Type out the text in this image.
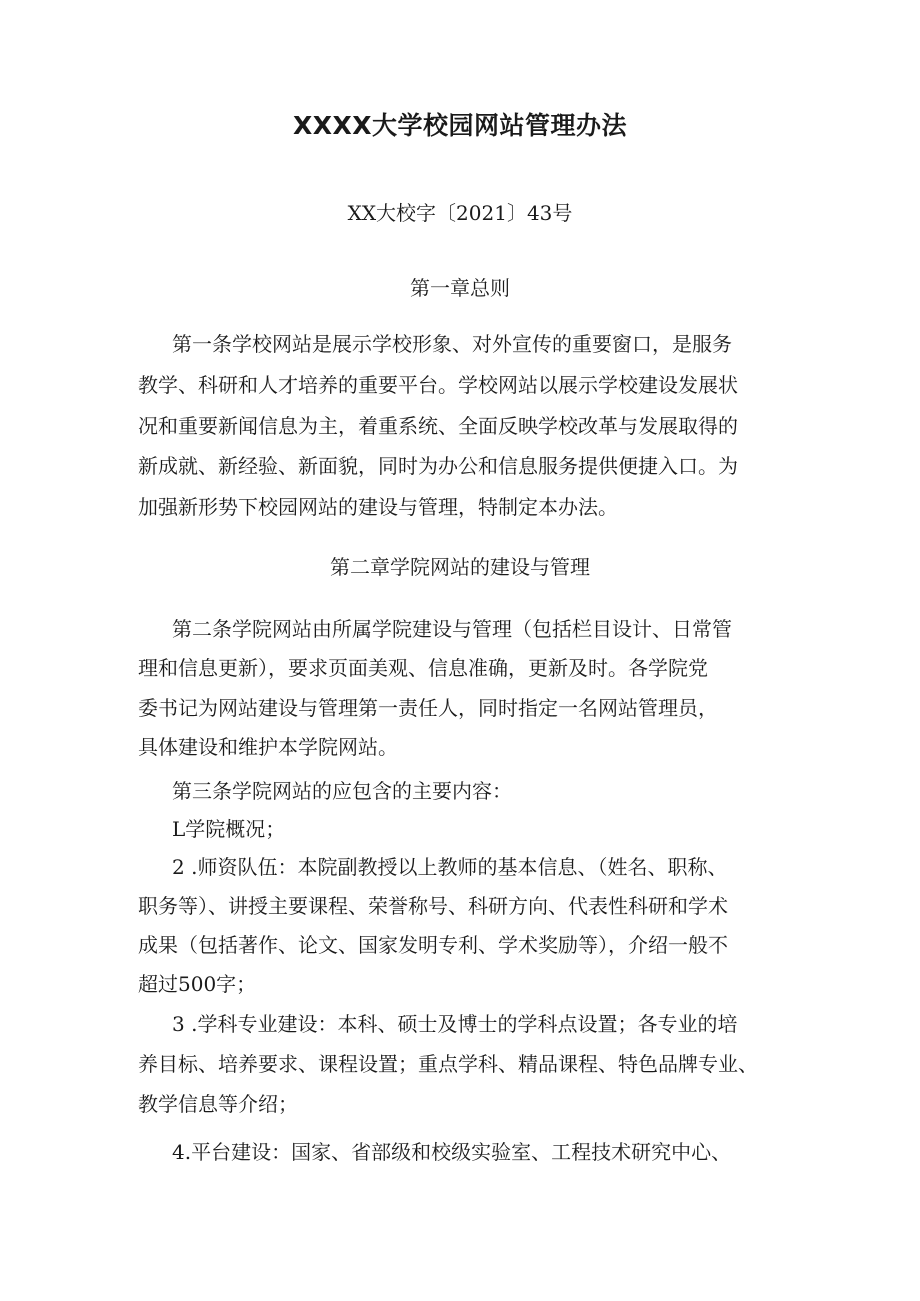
XXXX大学校园网站管理办法
XX大校字〔2021〕43号
第一章总则

第一条学校网站是展示学校形象、对外宣传的重要窗口，是服务

教学、科研和人才培养的重要平台。学校网站以展示学校建设发展状

况和重要新闻信息为主，着重系统、全面反映学校改革与发展取得的

新成就、新经验、新面貌，同时为办公和信息服务提供便捷入口。为

加强新形势下校园网站的建设与管理，特制定本办法。

第二章学院网站的建设与管理

第二条学院网站由所属学院建设与管理（包括栏目设计、日常管

理和信息更新），要求页面美观、信息准确，更新及时。各学院党

委书记为网站建设与管理第一责任人，同时指定一名网站管理员，

具体建设和维护本学院网站。

第三条学院网站的应包含的主要内容：

L学院概况；

2 .师资队伍：本院副教授以上教师的基本信息、（姓名、职称、

职务等）、讲授主要课程、荣誉称号、科研方向、代表性科研和学术

成果（包括著作、论文、国家发明专利、学术奖励等），介绍一般不

超过500字；

3 .学科专业建设：本科、硕士及博士的学科点设置；各专业的培

养目标、培养要求、课程设置；重点学科、精品课程、特色品牌专业、

教学信息等介绍；

4.平台建设：国家、省部级和校级实验室、工程技术研究中心、
